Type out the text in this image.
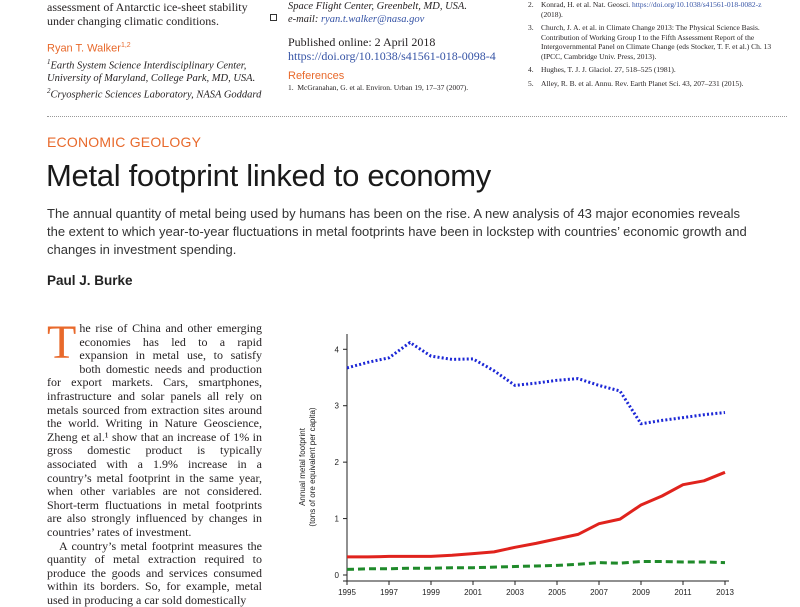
assessment of Antarctic ice-sheet stability under changing climatic conditions.
Ryan T. Walker$^{1,2}$
$^1$Earth System Science Interdisciplinary Center, University of Maryland, College Park, MD, USA.
$^2$Cryospheric Sciences Laboratory, NASA Goddard
Space Flight Center, Greenbelt, MD, USA.
e-mail: ryan.t.walker@nasa.gov
Published online: 2 April 2018
https://doi.org/10.1038/s41561-018-0098-4
References
1. McGranahan, G. et al. Environ. Urban 19, 17–37 (2007).
2. Konrad, H. et al. Nat. Geosci. https://doi.org/10.1038/s41561-018-0082-z (2018).
3. Church, J. A. et al. in Climate Change 2013: The Physical Science Basis. Contribution of Working Group I to the Fifth Assessment Report of the Intergovernmental Panel on Climate Change (eds Stocker, T. F. et al.) Ch. 13 (IPCC, Cambridge Univ. Press, 2013).
4. Hughes, T. J. J. Glaciol. 27, 518–525 (1981).
5. Alley, R. B. et al. Annu. Rev. Earth Planet Sci. 43, 207–231 (2015).
ECONOMIC GEOLOGY
Metal footprint linked to economy
The annual quantity of metal being used by humans has been on the rise. A new analysis of 43 major economies reveals the extent to which year-to-year fluctuations in metal footprints have been in lockstep with countries’ economic growth and changes in investment spending.
Paul J. Burke

The rise of China and other emerging economies has led to a rapid expansion in metal use, to satisfy both domestic needs and production for export markets. Cars, smartphones, infrastructure and solar panels all rely on metals sourced from extraction sites around the world. Writing in Nature Geoscience, Zheng et al.¹ show that an increase of 1% in gross domestic product is typically associated with a 1.9% increase in a country’s metal footprint in the same year, when other variables are not considered. Short-term fluctuations in metal footprints are also strongly influenced by changes in countries’ rates of investment.

A country’s metal footprint measures the quantity of metal extraction required to produce the goods and services consumed within its borders. So, for example, metal used in producing a car sold domestically

0
1
2
3
4
1995	1997	1999	2001	2003	2005	2007	2009	2011	2013
Annual metal footprint (tons of ore equivalent per capita)
